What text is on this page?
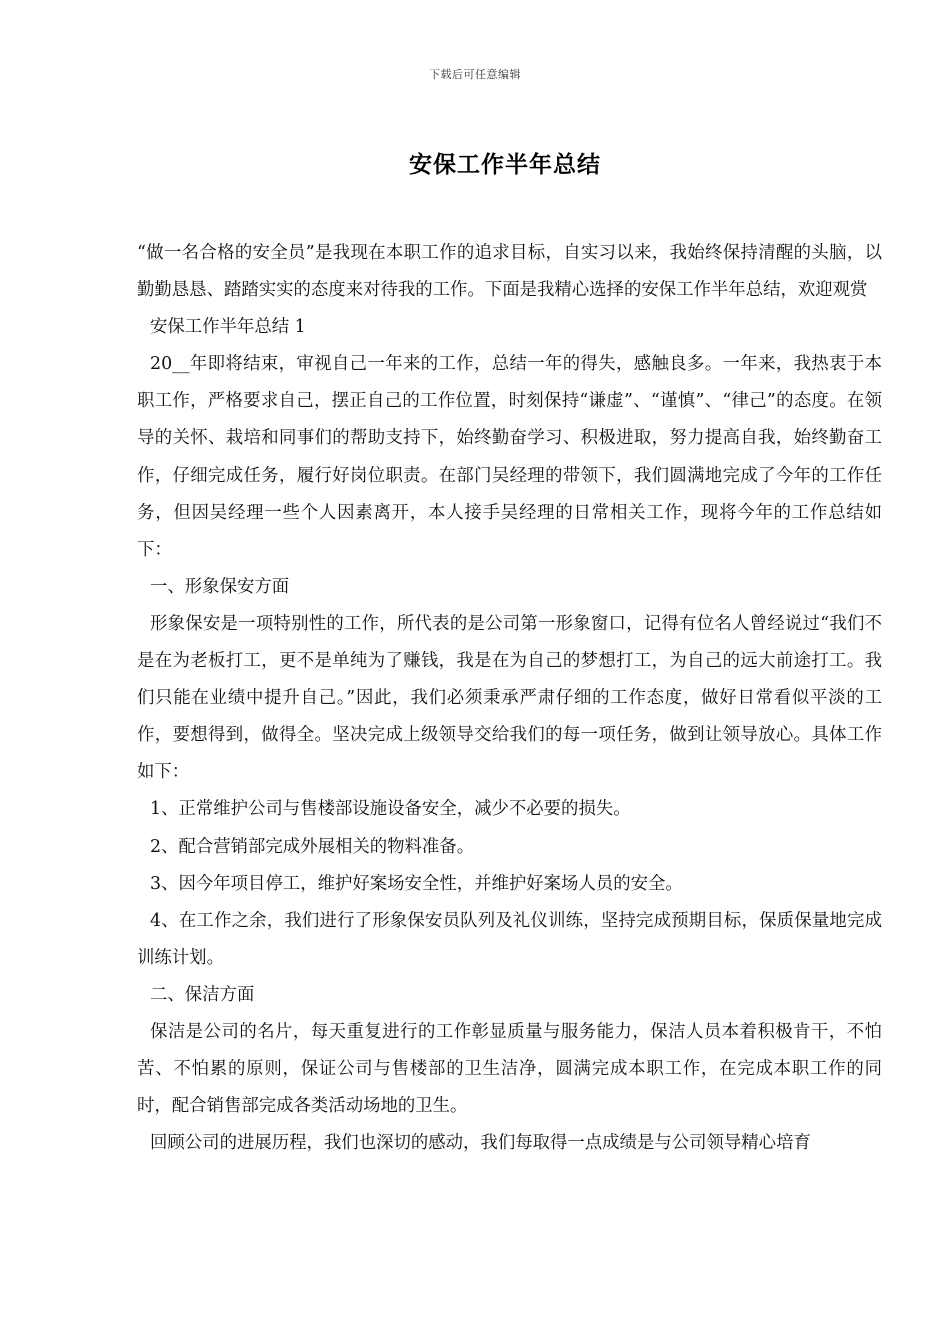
下载后可任意编辑
安保工作半年总结

“做一名合格的安全员”是我现在本职工作的追求目标，自实习以来，我始终保持清醒的头脑，以勤勤恳恳、踏踏实实的态度来对待我的工作。下面是我精心选择的安保工作半年总结，欢迎观赏

安保工作半年总结 1

20__年即将结束，审视自己一年来的工作，总结一年的得失，感触良多。一年来，我热衷于本职工作，严格要求自己，摆正自己的工作位置，时刻保持“谦虚”、“谨慎”、“律己”的态度。在领导的关怀、栽培和同事们的帮助支持下，始终勤奋学习、积极进取，努力提高自我，始终勤奋工作，仔细完成任务，履行好岗位职责。在部门吴经理的带领下，我们圆满地完成了今年的工作任务，但因吴经理一些个人因素离开，本人接手吴经理的日常相关工作，现将今年的工作总结如下：

一、形象保安方面

形象保安是一项特别性的工作，所代表的是公司第一形象窗口，记得有位名人曾经说过“我们不是在为老板打工，更不是单纯为了赚钱，我是在为自己的梦想打工，为自己的远大前途打工。我们只能在业绩中提升自己。”因此，我们必须秉承严肃仔细的工作态度，做好日常看似平淡的工作，要想得到，做得全。坚决完成上级领导交给我们的每一项任务，做到让领导放心。具体工作如下：

1、正常维护公司与售楼部设施设备安全，减少不必要的损失。

2、配合营销部完成外展相关的物料准备。

3、因今年项目停工，维护好案场安全性，并维护好案场人员的安全。

4、在工作之余，我们进行了形象保安员队列及礼仪训练，坚持完成预期目标，保质保量地完成训练计划。

二、保洁方面

保洁是公司的名片，每天重复进行的工作彰显质量与服务能力，保洁人员本着积极肯干，不怕苦、不怕累的原则，保证公司与售楼部的卫生洁净，圆满完成本职工作，在完成本职工作的同时，配合销售部完成各类活动场地的卫生。

回顾公司的进展历程，我们也深切的感动，我们每取得一点成绩是与公司领导精心培育
